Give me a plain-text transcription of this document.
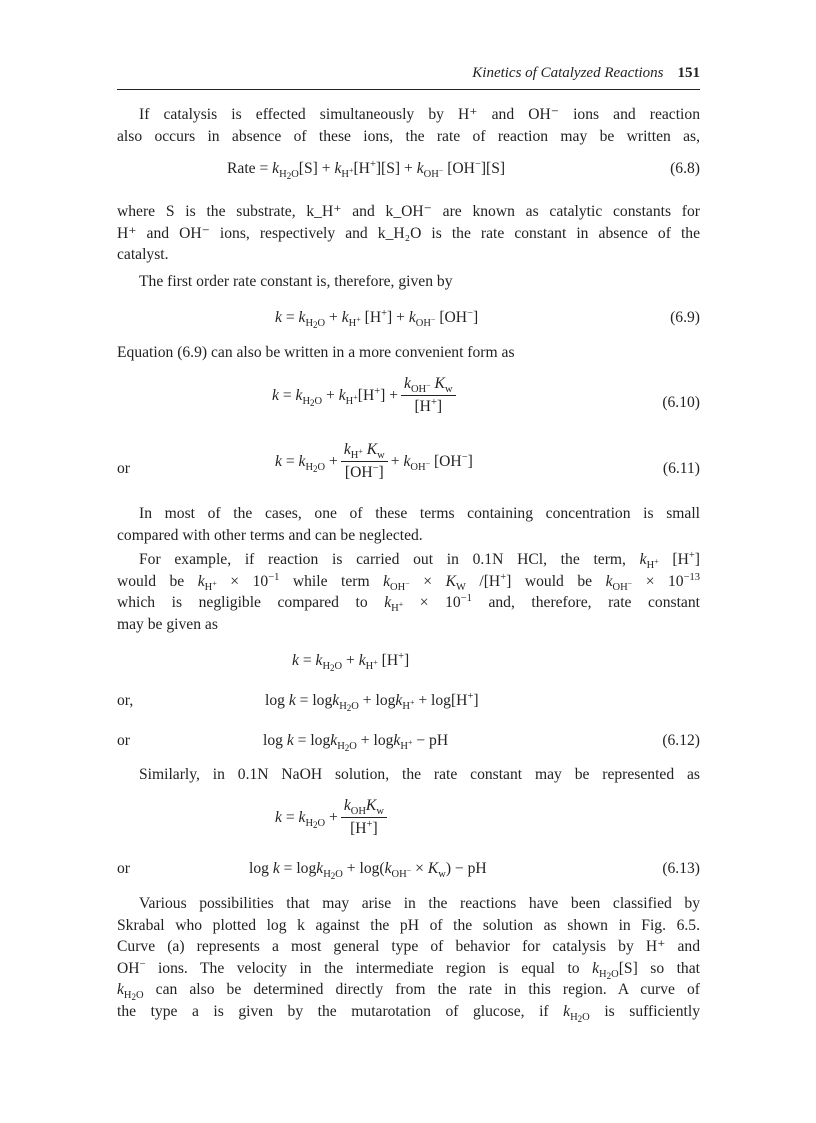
Kinetics of Catalyzed Reactions 151
If catalysis is effected simultaneously by H⁺ and OH⁻ ions and reaction
also occurs in absence of these ions, the rate of reaction may be written as,
Rate = $k_{H_2O}[S] + k_{H^+}[H^+][S] + k_{OH^-}$ [OH−][S]	(6.8)
where S is the substrate, k_H⁺ and k_OH⁻ are known as catalytic constants for
H⁺ and OH⁻ ions, respectively and k_H₂O is the rate constant in absence of the
catalyst.
The first order rate constant is, therefore, given by
$k = k_{H_2O} + k_{H^+}$ $[H^+] + k_{OH^-}$ [OH−]	(6.9)
Equation (6.9) can also be written in a more convenient form as
$k = k_{H_2O} + k_{H^+}[H^+] + \frac{k_{OH^-} K_w}{[H^+]}$	(6.10)
or	$k = k_{H_2O} + \frac{k_{H^+} K_w}{[OH^-]} + k_{OH^-}$ [OH−]	(6.11)
In most of the cases, one of these terms containing concentration is small
compared with other terms and can be neglected.
For example, if reaction is carried out in 0.1N HCl, the term, $k_{H^+}$ [H+]
would be $k_{H^+} \times 10^{-1}$ while term $k_{OH^-} \times K_W$ /[H+] would be $k_{OH^-} \times 10^{-13}$
which is negligible compared to $k_{H^+} \times 10^{-1}$ and, therefore, rate constant
may be given as
$k = k_{H_2O} + k_{H^+}$ [H+]
or,	log k = logk$_{H_2O}$ + logk$_{H^+}$ + log[H+]
or	log k = logk$_{H_2O}$ + logk$_{H^+}$ − pH	(6.12)
Similarly, in 0.1N NaOH solution, the rate constant may be represented as
$k = k_{H_2O} + \frac{k_{OH}K_w}{[H^+]}$
or	$\log k = \log k_{H_2O} + \log(k_{OH^-} \times K_w)$ − pH	(6.13)
Various possibilities that may arise in the reactions have been classified by
Skrabal who plotted log k against the pH of the solution as shown in Fig. 6.5.
Curve (a) represents a most general type of behavior for catalysis by H⁺ and
OH− ions. The velocity in the intermediate region is equal to $k_{H_2O}[S]$ so that
$k_{H_2O}$ can also be determined directly from the rate in this region. A curve of
the type a is given by the mutarotation of glucose, if $k_{H_2O}$ is sufficiently
